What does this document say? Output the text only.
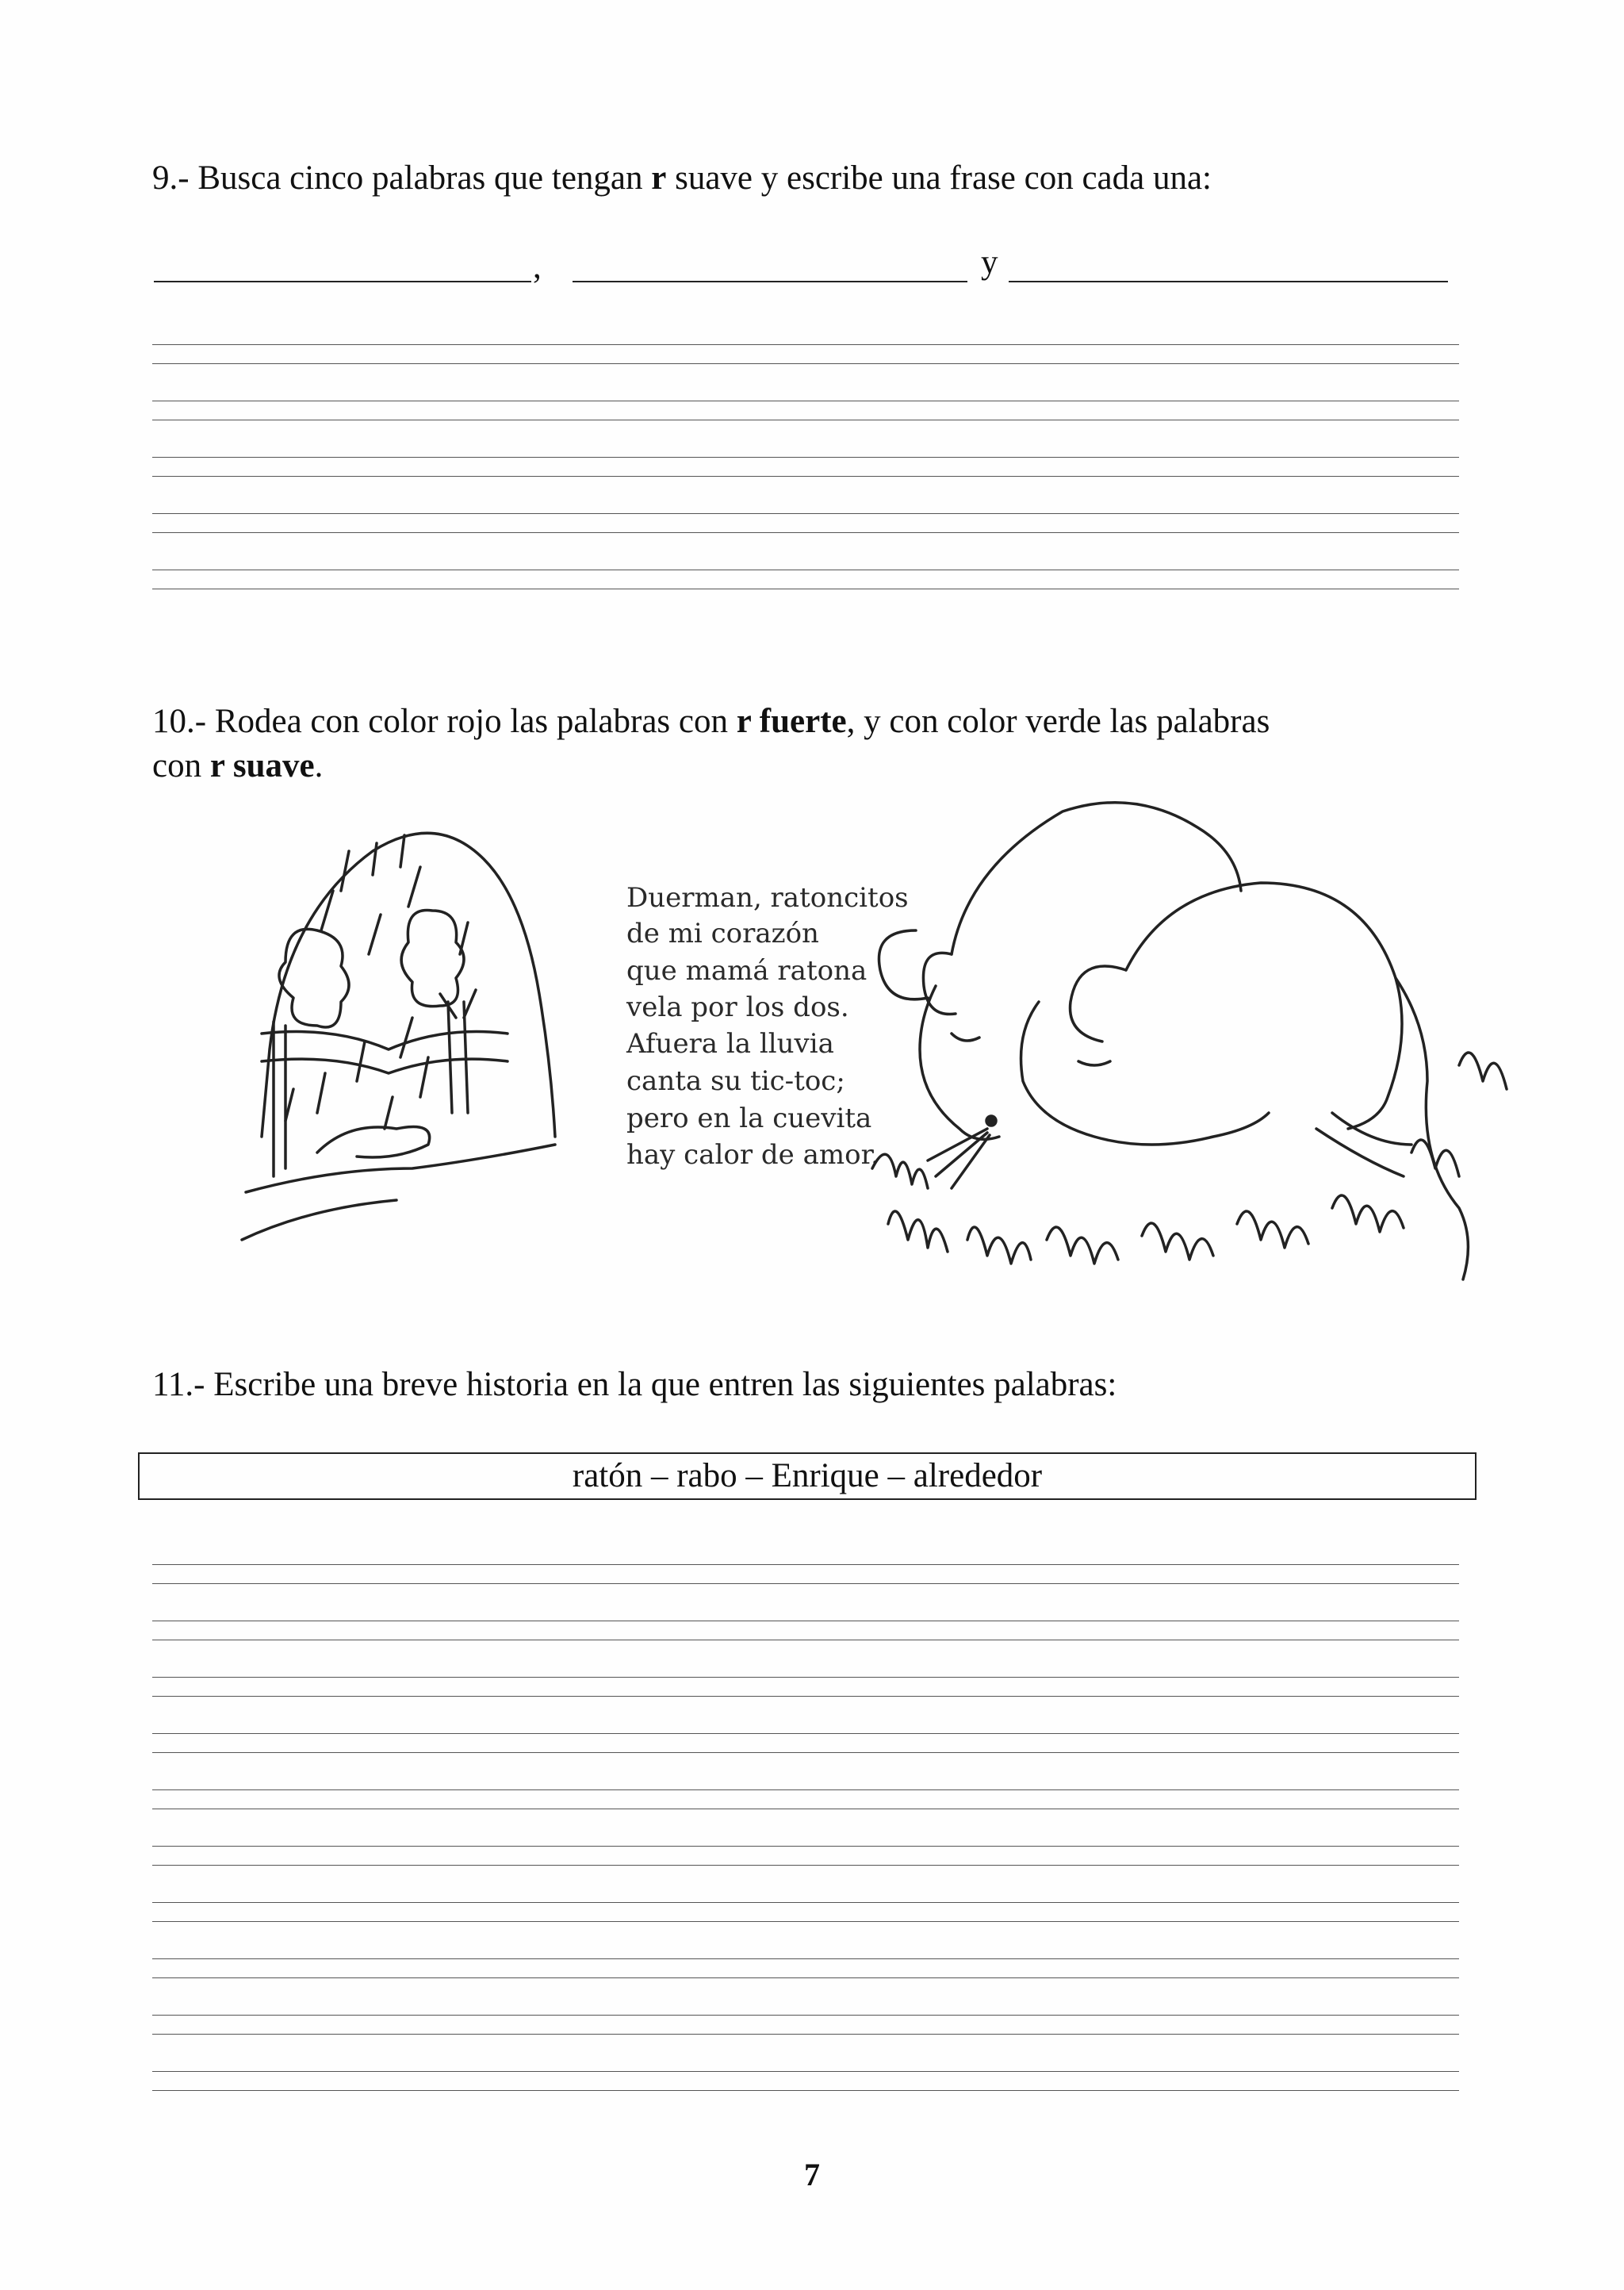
9.- Busca cinco palabras que tengan r suave y escribe una frase con cada una:

,	y

10.- Rodea con color rojo las palabras con r fuerte, y con color verde las palabras

con r suave.

Duerman, ratoncitos
de mi corazón
que mamá ratona
vela por los dos.
Afuera la lluvia
canta su tic-toc;
pero en la cuevita
hay calor de amor.

11.- Escribe una breve historia en la que entren las siguientes palabras:

ratón – rabo – Enrique – alrededor
7
